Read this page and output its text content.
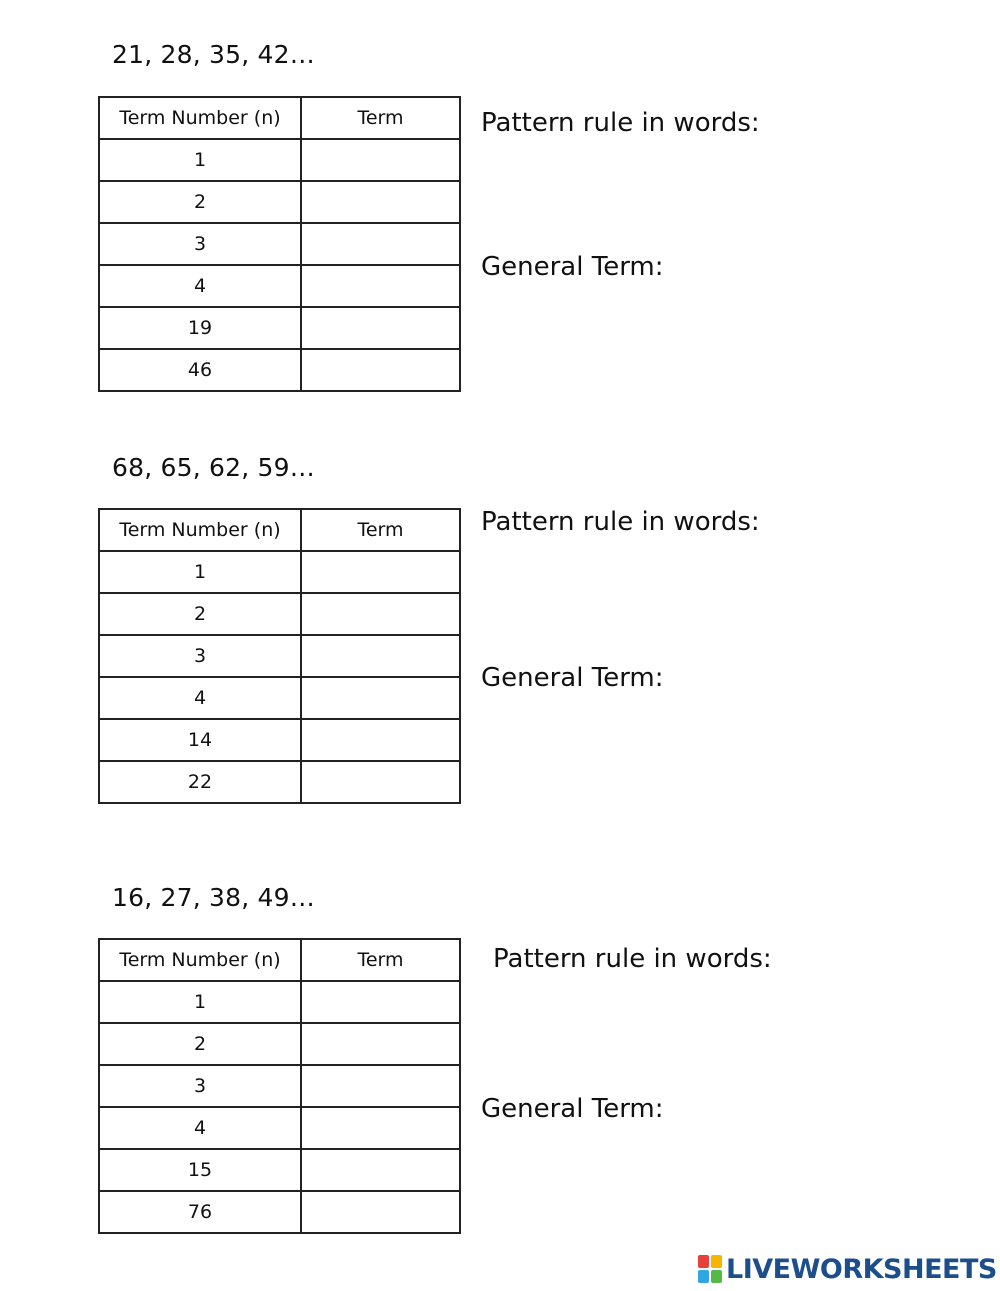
21, 28, 35, 42…
Term Number (n)	Term
1	
2	
3	
4	
19	
46	

Pattern rule in words:

General Term:

68, 65, 62, 59…
Term Number (n)	Term
1	
2	
3	
4	
14	
22	

Pattern rule in words:

General Term:

16, 27, 38, 49…
Term Number (n)	Term
1	
2	
3	
4	
15	
76	

Pattern rule in words:

General Term:

LIVEWORKSHEETS
